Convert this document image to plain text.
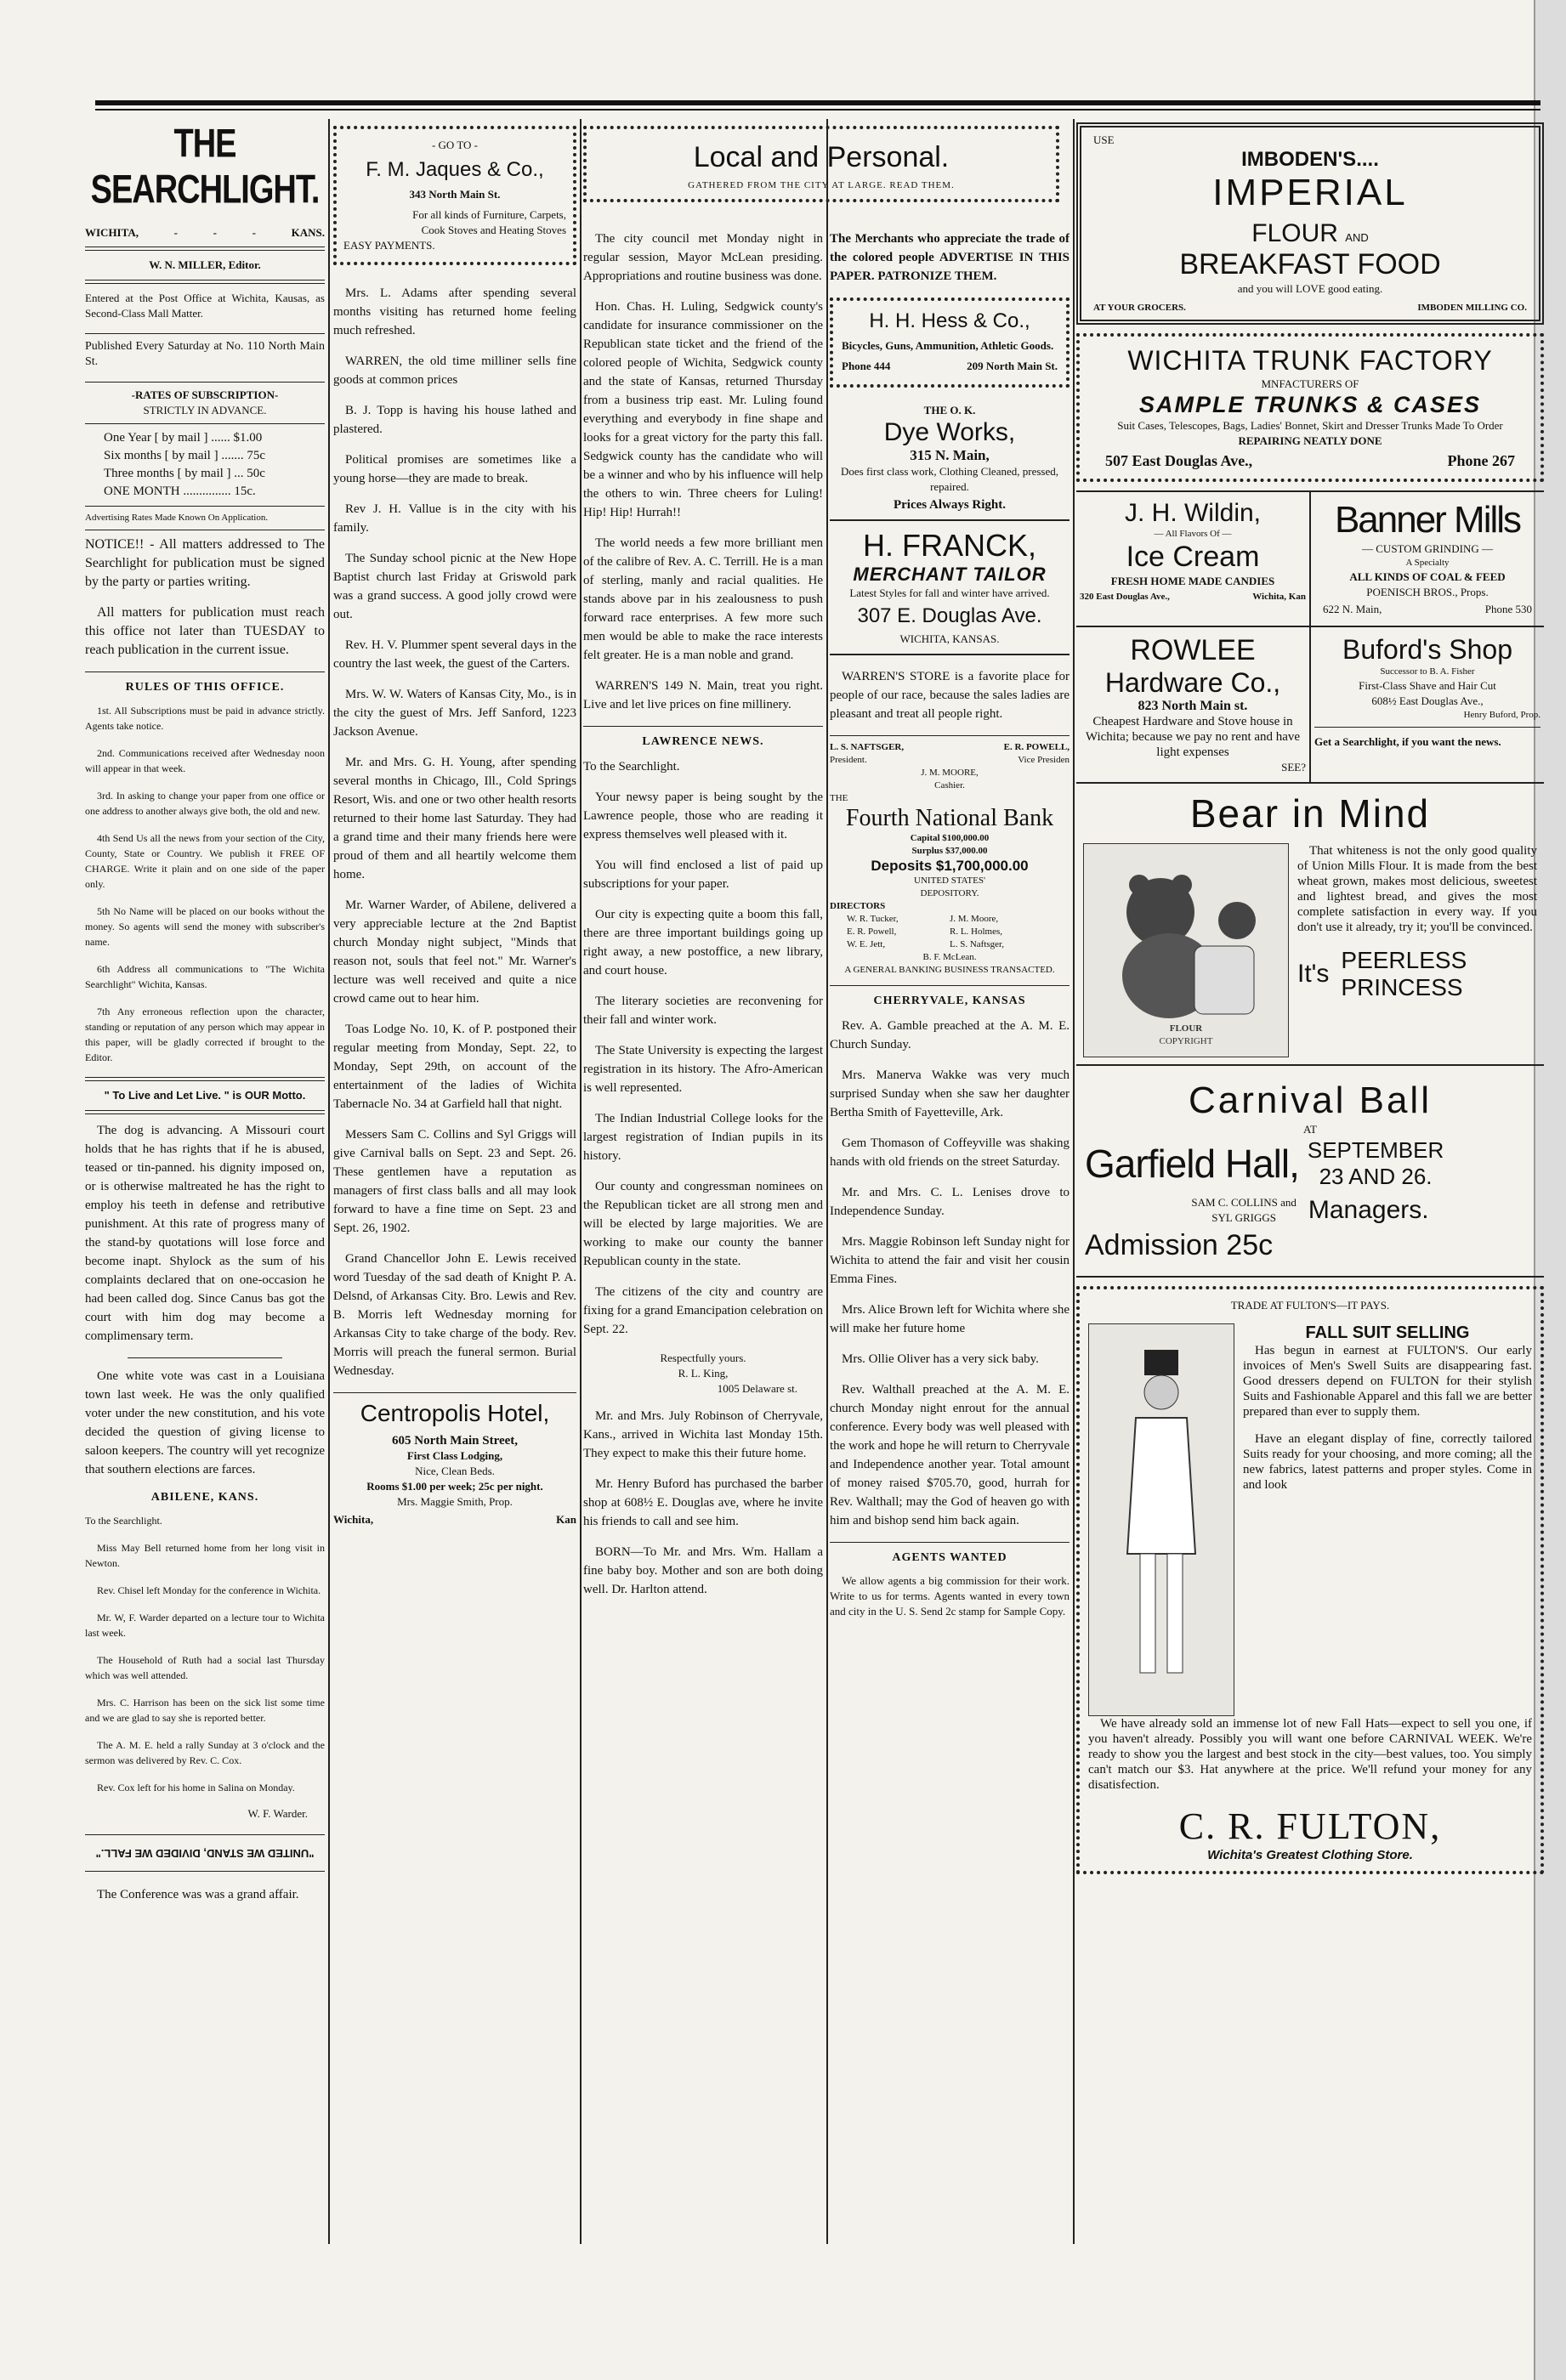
THE SEARCHLIGHT.
WICHITA,	-	-	-	KANS.
W. N. MILLER, Editor.

Entered at the Post Office at Wichita, Kausas, as Second-Class Mall Matter.

Published Every Saturday at No. 110 North Main St.

-RATES OF SUBSCRIPTION-
STRICTLY IN ADVANCE.
One Year [ by mail ] ...... $1.00
Six months [ by mail ] ....... 75c
Three months [ by mail ] ... 50c
ONE MONTH ............... 15c.
Advertising Rates Made Known On Application.

NOTICE!! - All matters addressed to The Searchlight for publication must be signed by the party or parties writing.

All matters for publication must reach this office not later than TUESDAY to reach publication in the current issue.

RULES OF THIS OFFICE.

1st. All Subscriptions must be paid in advance strictly. Agents take notice.

2nd. Communications received after Wednesday noon will appear in that week.

3rd. In asking to change your paper from one office or one address to another always give both, the old and new.

4th Send Us all the news from your section of the City, County, State or Country. We publish it FREE OF CHARGE. Write it plain and on one side of the paper only.

5th No Name will be placed on our books without the money. So agents will send the money with subscriber's name.

6th Address all communications to "The Wichita Searchlight" Wichita, Kansas.

7th Any erroneous reflection upon the character, standing or reputation of any person which may appear in this paper, will be gladly corrected if brought to the Editor.

" To Live and Let Live. " is OUR Motto.

The dog is advancing. A Missouri court holds that he has rights that if he is abused, teased or tin-panned. his dignity imposed on, or is otherwise maltreated he has the right to employ his teeth in defense and retributive punishment. At this rate of progress many of the stand-by quotations will lose force and become inapt. Shylock as the sum of his complaints declared that on one-occasion he had been called dog. Since Canus bas got the court with him dog may become a complimensary term.

One white vote was cast in a Louisiana town last week. He was the only qualified voter under the new constitution, and his vote decided the question of giving license to saloon keepers. The country will yet recognize that southern elections are farces.

ABILENE, KANS.

To the Searchlight.

Miss May Bell returned home from her long visit in Newton.

Rev. Chisel left Monday for the conference in Wichita.

Mr. W, F. Warder departed on a lecture tour to Wichita last week.

The Household of Ruth had a social last Thursday which was well attended.

Mrs. C. Harrison has been on the sick list some time and we are glad to say she is reported better.

The A. M. E. held a rally Sunday at 3 o'clock and the sermon was delivered by Rev. C. Cox.

Rev. Cox left for his home in Salina on Monday.

W. F. Warder.
"UNITED WE STAND, DIVIDED WE FALL."

The Conference was was a grand affair.

- GO TO -
F. M. Jaques & Co.,
343 North Main St.
For all kinds of Furniture, Carpets, Cook Stoves and Heating Stoves
EASY PAYMENTS.

Mrs. L. Adams after spending several months visiting has returned home feeling much refreshed.

WARREN, the old time milliner sells fine goods at common prices

B. J. Topp is having his house lathed and plastered.

Political promises are sometimes like a young horse—they are made to break.

Rev J. H. Vallue is in the city with his family.

The Sunday school picnic at the New Hope Baptist church last Friday at Griswold park was a grand success. A good jolly crowd were out.

Rev. H. V. Plummer spent several days in the country the last week, the guest of the Carters.

Mrs. W. W. Waters of Kansas City, Mo., is in the city the guest of Mrs. Jeff Sanford, 1223 Jackson Avenue.

Mr. and Mrs. G. H. Young, after spending several months in Chicago, Ill., Cold Springs Resort, Wis. and one or two other health resorts returned to their home last Saturday. They had a grand time and their many friends here were proud of them and all heartily welcome them home.

Mr. Warner Warder, of Abilene, delivered a very appreciable lecture at the 2nd Baptist church Monday night subject, "Minds that reason not, souls that feel not." Mr. Warner's lecture was well received and quite a nice crowd came out to hear him.

Toas Lodge No. 10, K. of P. postponed their regular meeting from Monday, Sept. 22, to Monday, Sept 29th, on account of the entertainment of the ladies of Wichita Tabernacle No. 34 at Garfield hall that night.

Messers Sam C. Collins and Syl Griggs will give Carnival balls on Sept. 23 and Sept. 26. These gentlemen have a reputation as managers of first class balls and all may look forward to have a fine time on Sept. 23 and Sept. 26, 1902.

Grand Chancellor John E. Lewis received word Tuesday of the sad death of Knight P. A. Delsnd, of Arkansas City. Bro. Lewis and Rev. B. Morris left Wednesday morning for Arkansas City to take charge of the body. Rev. Morris will preach the funeral sermon. Burial Wednesday.

Centropolis Hotel,
605 North Main Street,
First Class Lodging,
Nice, Clean Beds.
Rooms $1.00 per week; 25c per night.
Mrs. Maggie Smith, Prop.
Wichita,	Kan
Local and Personal.
GATHERED FROM THE CITY AT LARGE. READ THEM.

The city council met Monday night in regular session, Mayor McLean presiding. Appropriations and routine business was done.

Hon. Chas. H. Luling, Sedgwick county's candidate for insurance commissioner on the Republican state ticket and the friend of the colored people of Wichita, Sedgwick county and the state of Kansas, returned Thursday from a business trip east. Mr. Luling found everything and everybody in fine shape and looks for a great victory for the party this fall. Sedgwick county has the candidate who will be a winner and who by his influence will help the others to win. Three cheers for Luling! Hip! Hip! Hurrah!!

The world needs a few more brilliant men of the calibre of Rev. A. C. Terrill. He is a man of sterling, manly and racial qualities. He stands above par in his zealousness to push forward race enterprises. A few more such men would be able to make the race interests felt greater. He is a man noble and grand.

WARREN'S 149 N. Main, treat you right. Live and let live prices on fine millinery.

LAWRENCE NEWS.

To the Searchlight.

Your newsy paper is being sought by the Lawrence people, those who are reading it express themselves well pleased with it.

You will find enclosed a list of paid up subscriptions for your paper.

Our city is expecting quite a boom this fall, there are three important buildings going up right away, a new postoffice, a new library, and court house.

The literary societies are reconvening for their fall and winter work.

The State University is expecting the largest registration in its history. The Afro-American is well represented.

The Indian Industrial College looks for the largest registration of Indian pupils in its history.

Our county and congressman nominees on the Republican ticket are all strong men and will be elected by large majorities. We are working to make our county the banner Republican county in the state.

The citizens of the city and country are fixing for a grand Emancipation celebration on Sept. 22.

Respectfully yours.
R. L. King,
1005 Delaware st.

Mr. and Mrs. July Robinson of Cherryvale, Kans., arrived in Wichita last Monday 15th. They expect to make this their future home.

Mr. Henry Buford has purchased the barber shop at 608½ E. Douglas ave, where he invite his friends to call and see him.

BORN—To Mr. and Mrs. Wm. Hallam a fine baby boy. Mother and son are both doing well. Dr. Harlton attend.

The Merchants who appreciate the trade of the colored people ADVERTISE IN THIS PAPER. PATRONIZE THEM.

H. H. Hess & Co.,
Bicycles, Guns, Ammunition, Athletic Goods.
Phone 444	209 North Main St.
THE O. K.
Dye Works,
315 N. Main,
Does first class work, Clothing Cleaned, pressed, repaired.
Prices Always Right.
H. FRANCK,
MERCHANT TAILOR
Latest Styles for fall and winter have arrived.
307 E. Douglas Ave.
WICHITA, KANSAS.

WARREN'S STORE is a favorite place for people of our race, because the sales ladies are pleasant and treat all people right.

L. S. NAFTSGER,	E. R. POWELL,
President.	Vice Presiden
J. M. MOORE,
Cashier.
THE
Fourth National Bank
Capital $100,000.00
Surplus $37,000.00
Deposits $1,700,000.00
UNITED STATES'
DEPOSITORY.
DIRECTORS
W. R. Tucker,	J. M. Moore,
E. R. Powell,	R. L. Holmes,
W. E. Jett,	L. S. Naftsger,
B. F. McLean.
A GENERAL BANKING BUSINESS TRANSACTED.
CHERRYVALE, KANSAS

Rev. A. Gamble preached at the A. M. E. Church Sunday.

Mrs. Manerva Wakke was very much surprised Sunday when she saw her daughter Bertha Smith of Fayetteville, Ark.

Gem Thomason of Coffeyville was shaking hands with old friends on the street Saturday.

Mr. and Mrs. C. L. Lenises drove to Independence Sunday.

Mrs. Maggie Robinson left Sunday night for Wichita to attend the fair and visit her cousin Emma Fines.

Mrs. Alice Brown left for Wichita where she will make her future home

Mrs. Ollie Oliver has a very sick baby.

Rev. Walthall preached at the A. M. E. church Monday night enrout for the annual conference. Every body was well pleased with the work and hope he will return to Cherryvale and Independence another year. Total amount of money raised $705.70, good, hurrah for Rev. Walthall; may the God of heaven go with him and bishop send him back again.

AGENTS WANTED

We allow agents a big commission for their work. Write to us for terms. Agents wanted in every town and city in the U. S. Send 2c stamp for Sample Copy.

USE
IMBODEN'S....
IMPERIAL
FLOUR AND
BREAKFAST FOOD
and you will LOVE good eating.
AT YOUR GROCERS.	IMBODEN MILLING CO.
WICHITA TRUNK FACTORY
MNFACTURERS OF
SAMPLE TRUNKS & CASES
Suit Cases, Telescopes, Bags, Ladies' Bonnet, Skirt and Dresser Trunks Made To Order
REPAIRING NEATLY DONE
507 East Douglas Ave.,	Phone 267
J. H. Wildin,
— All Flavors Of —
Ice Cream
FRESH HOME MADE CANDIES
320 East Douglas Ave.,	Wichita, Kan
Banner Mills
— CUSTOM GRINDING —
A Specialty
ALL KINDS OF COAL & FEED
POENISCH BROS., Props.
622 N. Main,	Phone 530
ROWLEE
Hardware Co.,
823 North Main st.
Cheapest Hardware and Stove house in Wichita; because we pay no rent and have light expenses
SEE?
Buford's Shop
Successor to B. A. Fisher
First-Class Shave and Hair Cut
608½ East Douglas Ave.,
Henry Buford, Prop.
Get a Searchlight, if you want the news.
Bear in Mind
FLOUR
COPYRIGHT

That whiteness is not the only good quality of Union Mills Flour. It is made from the best wheat grown, makes most delicious, sweetest and lightest bread, and gives the most complete satisfaction in every way. If you don't use it already, try it; you'll be convinced.

It's PEERLESS PRINCESS
Carnival Ball
AT
Garfield Hall, SEPTEMBER
23 AND 26.
SAM C. COLLINS and
SYL GRIGGS	Managers.
Admission 25c
TRADE AT FULTON'S—IT PAYS.
FALL SUIT SELLING

Has begun in earnest at FULTON'S. Our early invoices of Men's Swell Suits are disappearing fast. Good dressers depend on FULTON for their stylish Suits and Fashionable Apparel and this fall we are better prepared than ever to supply them.

Have an elegant display of fine, correctly tailored Suits ready for your choosing, and more coming; all the new fabrics, latest patterns and proper styles. Come in and look

We have already sold an immense lot of new Fall Hats—expect to sell you one, if you haven't already. Possibly you will want one before CARNIVAL WEEK. We're ready to show you the largest and best stock in the city—best values, too. You simply can't match our $3. Hat anywhere at the price. We'll refund your money for any disatisfection.

C. R. FULTON,
Wichita's Greatest Clothing Store.
